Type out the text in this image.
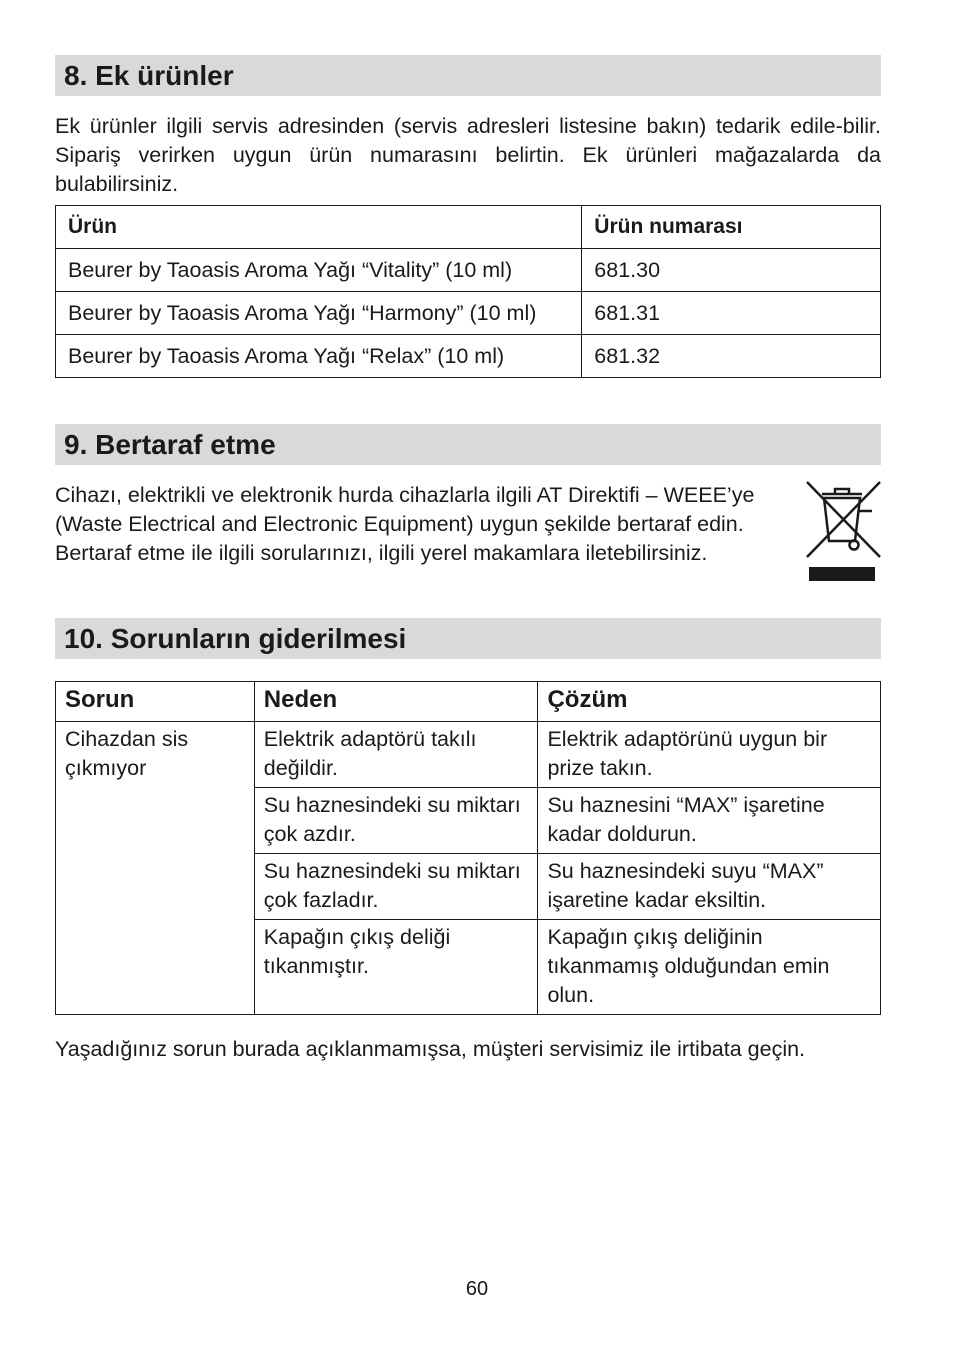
8. Ek ürünler
Ek ürünler ilgili servis adresinden (servis adresleri listesine bakın) tedarik edile-bilir. Sipariş verirken uygun ürün numarasını belirtin. Ek ürünleri mağazalarda da bulabilirsiniz.
Ürün	Ürün numarası
Beurer by Taoasis Aroma Yağı “Vitality” (10 ml)	681.30
Beurer by Taoasis Aroma Yağı “Harmony” (10 ml)	681.31
Beurer by Taoasis Aroma Yağı “Relax” (10 ml)	681.32
9. Bertaraf etme
Cihazı, elektrikli ve elektronik hurda cihazlarla ilgili AT Direktifi – WEEE’ye (Waste Electrical and Electronic Equipment) uygun şekilde bertaraf edin. Bertaraf etme ile ilgili sorularınızı, ilgili yerel makamlara iletebilirsiniz.
10. Sorunların giderilmesi
Sorun	Neden	Çözüm
Cihazdan sis çıkmıyor	Elektrik adaptörü takılı değildir.	Elektrik adaptörünü uygun bir prize takın.
	Su haznesindeki su miktarı çok azdır.	Su haznesini “MAX” işaretine kadar doldurun.
	Su haznesindeki su miktarı çok fazladır.	Su haznesindeki suyu “MAX” işaretine kadar eksiltin.
	Kapağın çıkış deliği tıkanmıştır.	Kapağın çıkış deliğinin tıkanmamış olduğundan emin olun.
Yaşadığınız sorun burada açıklanmamışsa, müşteri servisimiz ile irtibata geçin.
60
